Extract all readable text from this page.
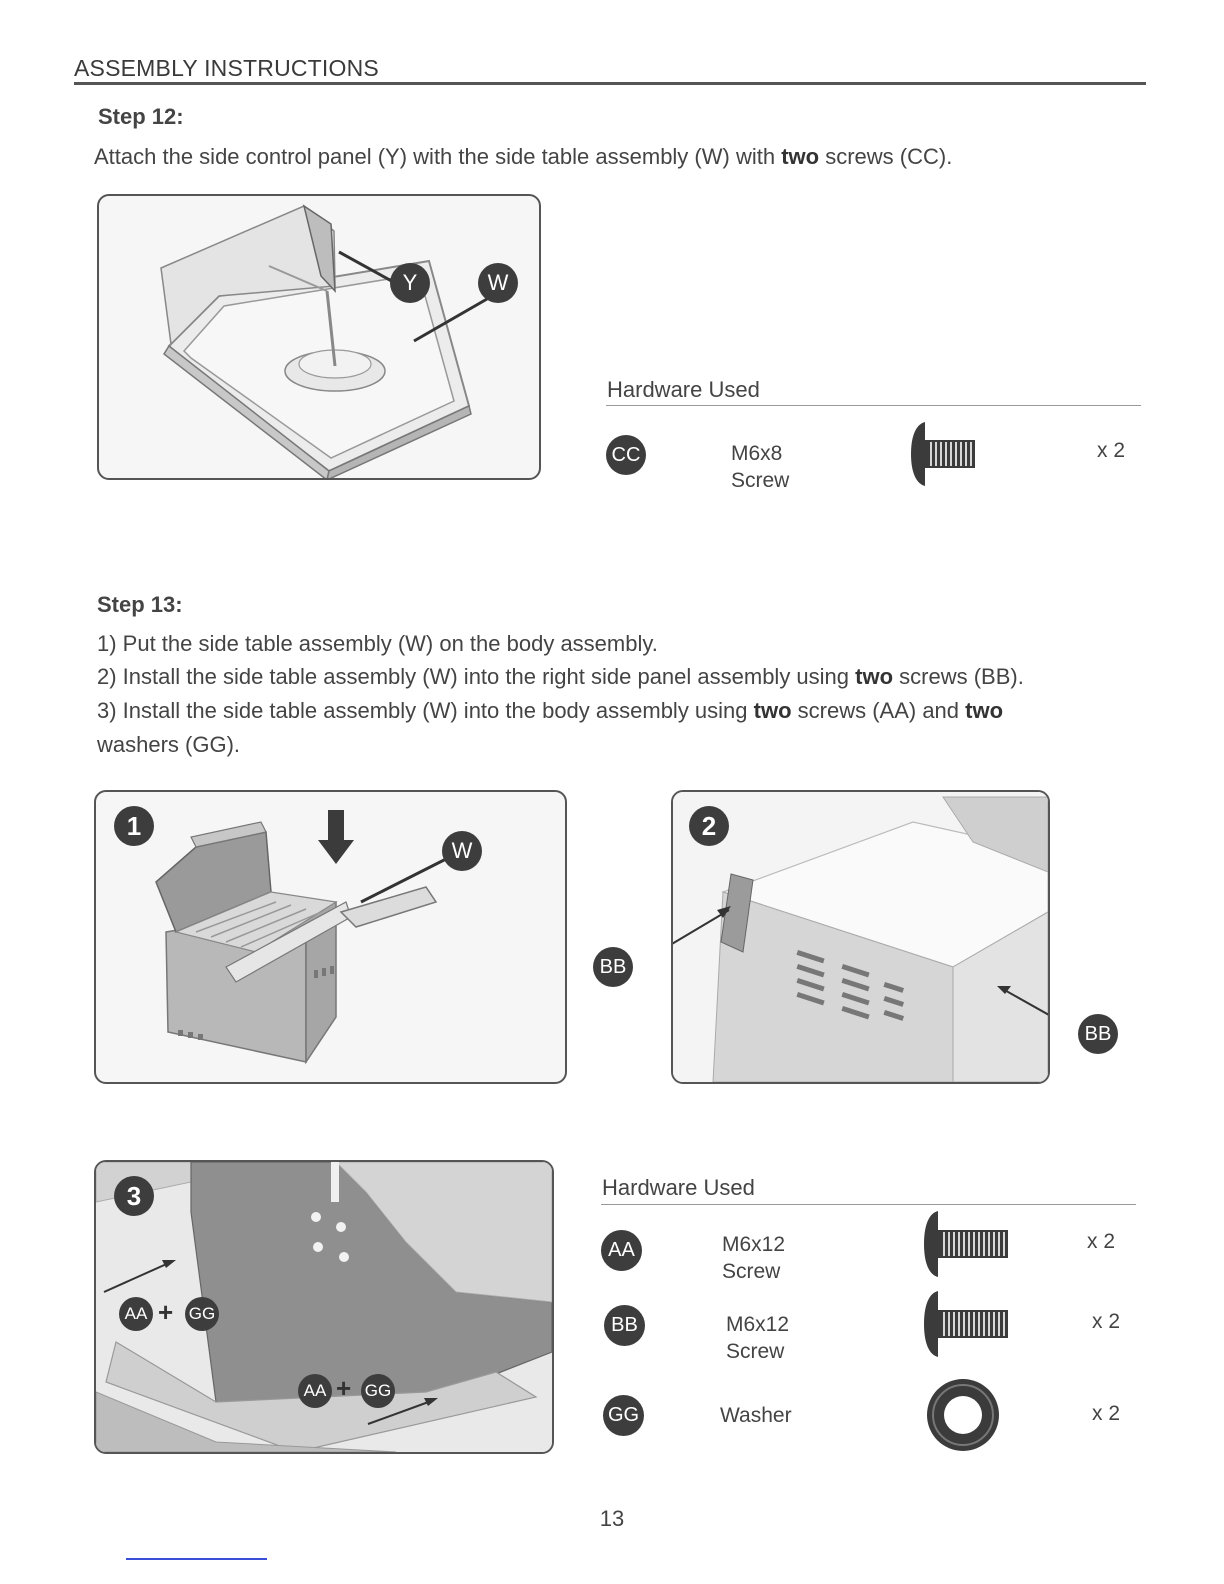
ASSEMBLY INSTRUCTIONS
Step 12:
Attach the side control panel (Y) with the side table assembly (W) with two screws (CC).
Y	W
Hardware Used
CC	M6x8
Screw
x 2
Step 13:
1) Put the side table assembly (W) on the body assembly.
2) Install the side table assembly (W) into the right side panel assembly using two screws (BB).
3) Install the side table assembly (W) into the body assembly using two screws (AA) and two
washers (GG).
1
W
BB
BB
2
3
AA + GG
AA + GG
Hardware Used
AA	M6x12
Screw
x 2
BB	M6x12
Screw
x 2
GG	Washer	x 2
13
